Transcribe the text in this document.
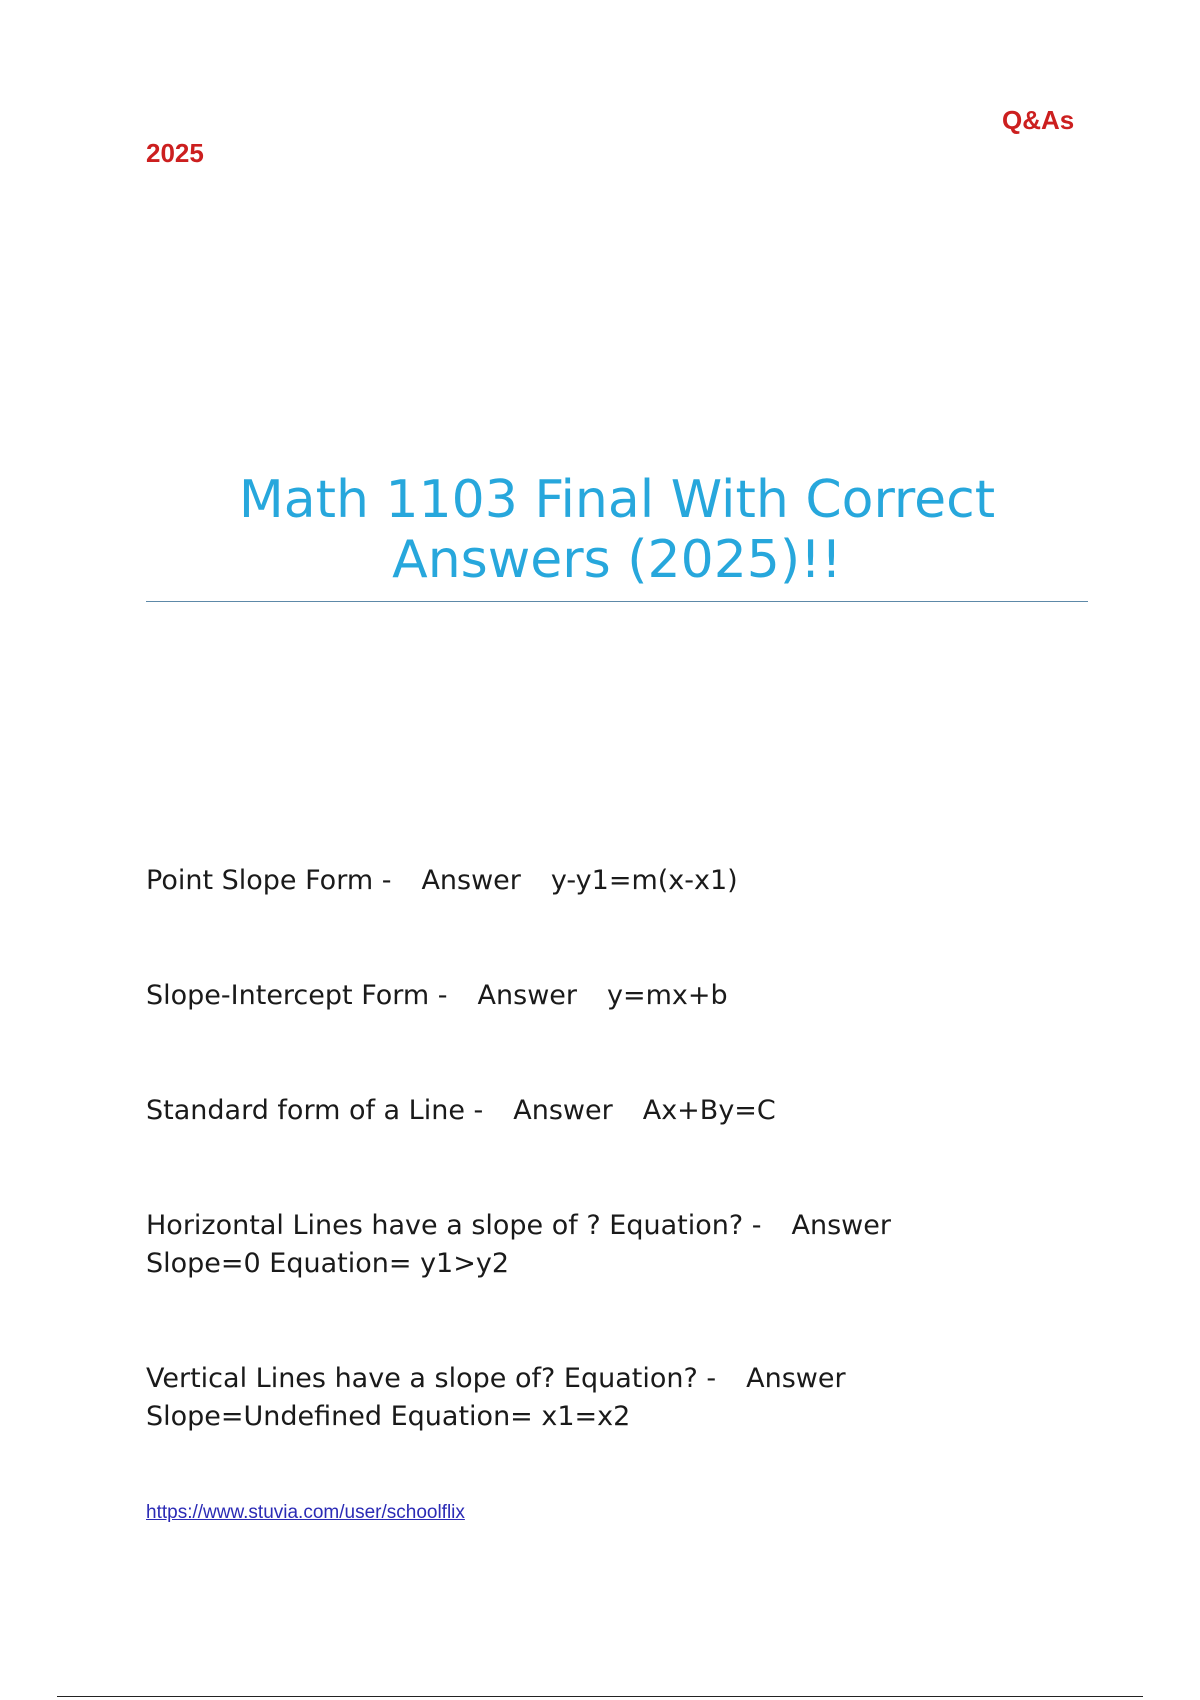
Q&As
2025

Math 1103 Final With Correct

Answers (2025)!!

Point Slope Form - Answer y-y1=m(x-x1)

Slope-Intercept Form - Answer y=mx+b

Standard form of a Line - Answer Ax+By=C

Horizontal Lines have a slope of ? Equation? - Answer
Slope=0 Equation= y1>y2

Vertical Lines have a slope of? Equation? - Answer
Slope=Undefined Equation= x1=x2

https://www.stuvia.com/user/schoolflix
